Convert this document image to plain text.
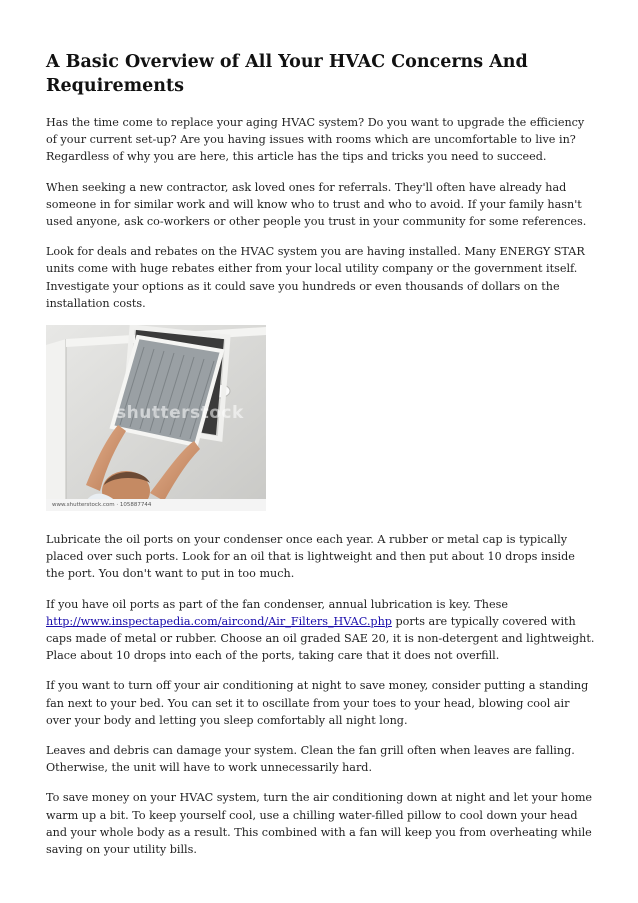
A Basic Overview of All Your HVAC Concerns And Requirements

Has the time come to replace your aging HVAC system? Do you want to upgrade the efficiency of your current set-up? Are you having issues with rooms which are uncomfortable to live in? Regardless of why you are here, this article has the tips and tricks you need to succeed.

When seeking a new contractor, ask loved ones for referrals. They'll often have already had someone in for similar work and will know who to trust and who to avoid. If your family hasn't used anyone, ask co-workers or other people you trust in your community for some references.

Look for deals and rebates on the HVAC system you are having installed. Many ENERGY STAR units come with huge rebates either from your local utility company or the government itself. Investigate your options as it could save you hundreds or even thousands of dollars on the installation costs.

shutterstock
www.shutterstock.com · 105887744

Lubricate the oil ports on your condenser once each year. A rubber or metal cap is typically placed over such ports. Look for an oil that is lightweight and then put about 10 drops inside the port. You don't want to put in too much.

If you have oil ports as part of the fan condenser, annual lubrication is key. These http://www.inspectapedia.com/aircond/Air_Filters_HVAC.php ports are typically covered with caps made of metal or rubber. Choose an oil graded SAE 20, it is non-detergent and lightweight. Place about 10 drops into each of the ports, taking care that it does not overfill.

If you want to turn off your air conditioning at night to save money, consider putting a standing fan next to your bed. You can set it to oscillate from your toes to your head, blowing cool air over your body and letting you sleep comfortably all night long.

Leaves and debris can damage your system. Clean the fan grill often when leaves are falling. Otherwise, the unit will have to work unnecessarily hard.

To save money on your HVAC system, turn the air conditioning down at night and let your home warm up a bit. To keep yourself cool, use a chilling water-filled pillow to cool down your head and your whole body as a result. This combined with a fan will keep you from overheating while saving on your utility bills.
